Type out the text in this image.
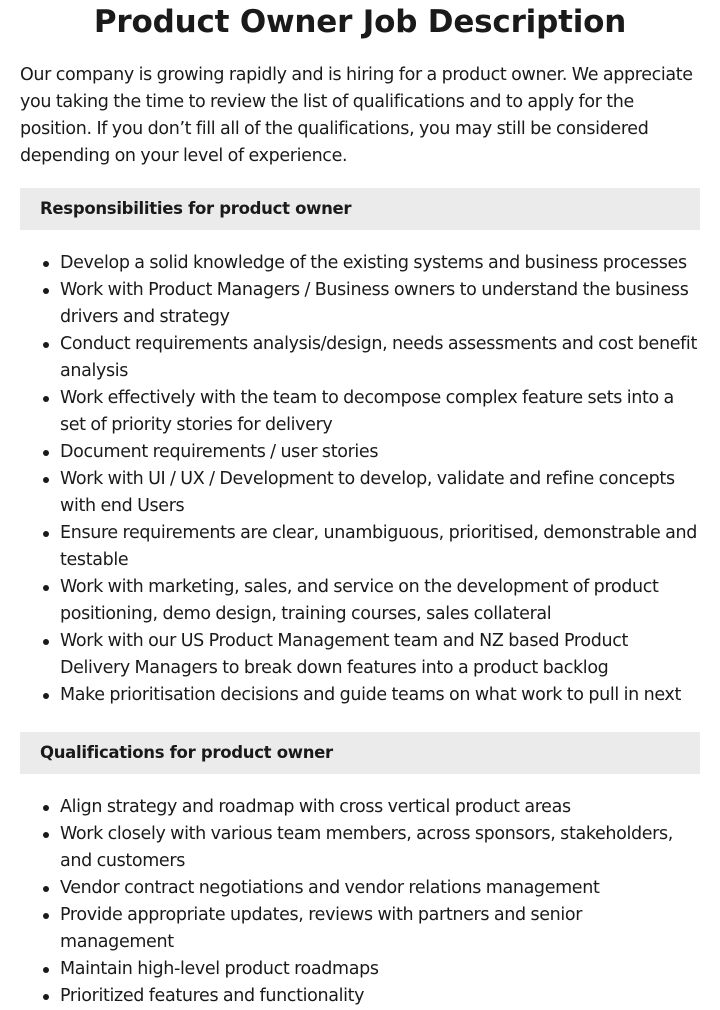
Product Owner Job Description

Our company is growing rapidly and is hiring for a product owner. We appreciate you taking the time to review the list of qualifications and to apply for the position. If you don’t fill all of the qualifications, you may still be considered depending on your level of experience.

Responsibilities for product owner
Develop a solid knowledge of the existing systems and business processes
Work with Product Managers / Business owners to understand the business drivers and strategy
Conduct requirements analysis/design, needs assessments and cost benefit analysis
Work effectively with the team to decompose complex feature sets into a set of priority stories for delivery
Document requirements / user stories
Work with UI / UX / Development to develop, validate and refine concepts with end Users
Ensure requirements are clear, unambiguous, prioritised, demonstrable and testable
Work with marketing, sales, and service on the development of product positioning, demo design, training courses, sales collateral
Work with our US Product Management team and NZ based Product Delivery Managers to break down features into a product backlog
Make prioritisation decisions and guide teams on what work to pull in next
Qualifications for product owner
Align strategy and roadmap with cross vertical product areas
Work closely with various team members, across sponsors, stakeholders, and customers
Vendor contract negotiations and vendor relations management
Provide appropriate updates, reviews with partners and senior management
Maintain high-level product roadmaps
Prioritized features and functionality
